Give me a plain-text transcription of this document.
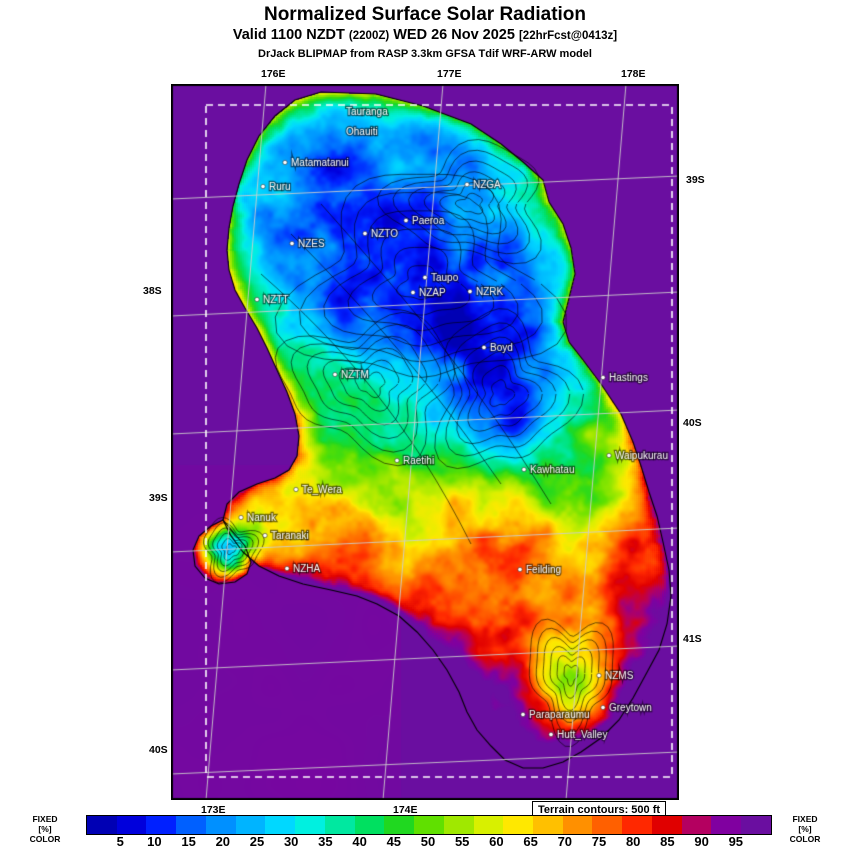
Normalized Surface Solar Radiation
Valid 1100 NZDT (2200Z) WED 26 Nov 2025 [22hrFcst@0413z]
DrJack BLIPMAP from RASP 3.3km GFSA Tdif WRF-ARW model
176E	177E	178E
173E	174E
39S
38S
40S
39S
41S
40S
Terrain contours: 500 ft
FIXED
[%]
COLOR
FIXED
[%]
COLOR
5 10 15 20 25 30 35 40 45 50 55 60 65 70 75 80 85 90 95
